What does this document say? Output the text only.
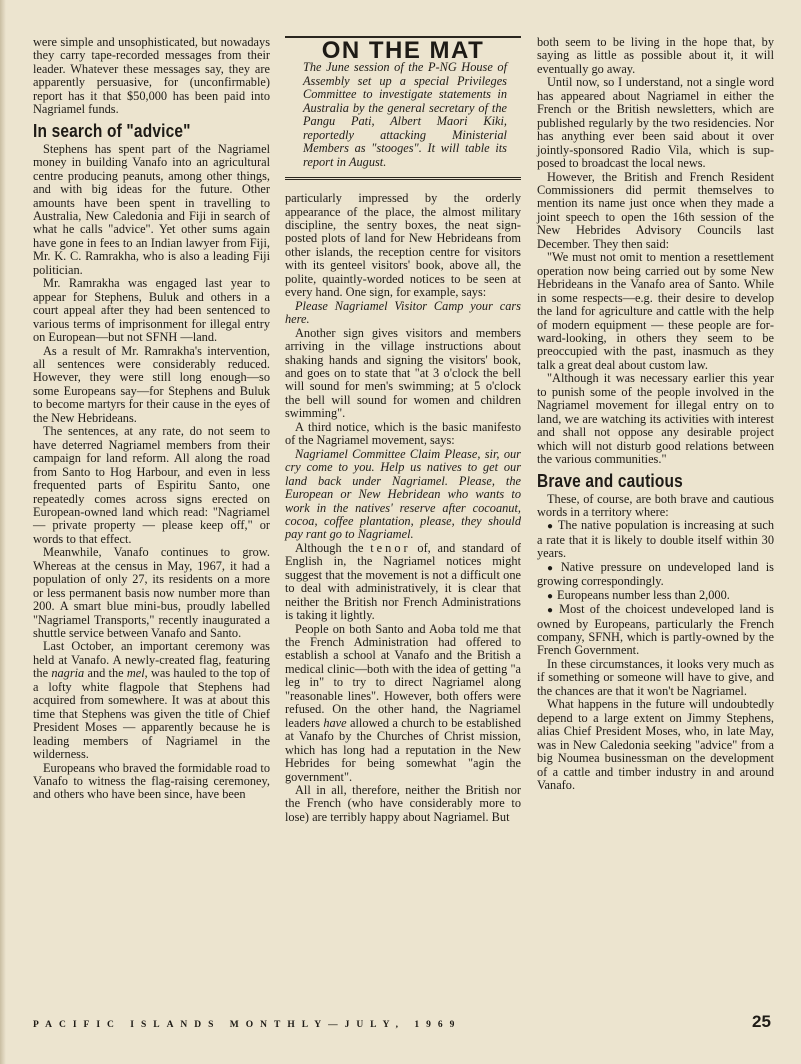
were simple and unsophisticated, but nowadays they carry tape-recorded messages from their leader. Whatever these messages say, they are apparently persuasive, for (unconfirmable) report has it that $50,000 has been paid into Nagriamel funds.

In search of "advice"

Stephens has spent part of the Nagriamel money in building Vanafo into an agricultural centre producing peanuts, among other things, and with big ideas for the future. Other amounts have been spent in travelling to Australia, New Caledonia and Fiji in search of what he calls "advice". Yet other sums again have gone in fees to an Indian lawyer from Fiji, Mr. K. C. Ramrakha, who is also a leading Fiji politician.

Mr. Ramrakha was engaged last year to appear for Stephens, Buluk and others in a court appeal after they had been sentenced to various terms of imprisonment for illegal entry on European—but not SFNH —land.

As a result of Mr. Ramrakha's intervention, all sentences were considerably reduced. However, they were still long enough—so some Europeans say—for Stephens and Buluk to become martyrs for their cause in the eyes of the New Hebrideans.

The sentences, at any rate, do not seem to have deterred Nagriamel members from their campaign for land reform. All along the road from Santo to Hog Harbour, and even in less frequented parts of Espiritu Santo, one repeatedly comes across signs erected on European-owned land which read: "Nagriamel — private property — please keep off," or words to that effect.

Meanwhile, Vanafo continues to grow. Whereas at the census in May, 1967, it had a population of only 27, its residents on a more or less permanent basis now number more than 200. A smart blue mini-bus, proudly labelled "Nagriamel Transports," recently inaugurated a shuttle service between Vanafo and Santo.

Last October, an important ceremony was held at Vanafo. A newly-created flag, featuring the nagria and the mel, was hauled to the top of a lofty white flagpole that Stephens had acquired from somewhere. It was at about this time that Stephens was given the title of Chief President Moses — apparently because he is leading members of Nagriamel in the wilderness.

Europeans who braved the formidable road to Vanafo to witness the flag-raising ceremoney, and others who have been since, have been

ON THE MAT
The June session of the P-NG House of Assembly set up a special Privileges Committee to investigate statements in Australia by the general secretary of the Pangu Pati, Albert Maori Kiki, reportedly attacking Ministerial Members as "stooges". It will table its report in August.

particularly impressed by the orderly appearance of the place, the almost military discipline, the sentry boxes, the neat sign-posted plots of land for New Hebrideans from other islands, the reception centre for visitors with its genteel visitors' book, above all, the polite, quaintly-worded notices to be seen at every hand. One sign, for example, says:

Please Nagriamel Visitor Camp your cars here.

Another sign gives visitors and members arriving in the village instructions about shaking hands and signing the visitors' book, and goes on to state that "at 3 o'clock the bell will sound for men's swimming; at 5 o'clock the bell will sound for women and children swimming".

A third notice, which is the basic manifesto of the Nagriamel movement, says:

Nagriamel Committee Claim Please, sir, our cry come to you. Help us natives to get our land back under Nagriamel. Please, the European or New Hebridean who wants to work in the natives' reserve after cocoanut, cocoa, coffee plantation, please, they should pay rant go to Nagriamel.

Although the tenor of, and standard of English in, the Nagriamel notices might suggest that the movement is not a difficult one to deal with administratively, it is clear that neither the British nor French Administrations is taking it lightly.

People on both Santo and Aoba told me that the French Administration had offered to establish a school at Vanafo and the British a medical clinic—both with the idea of getting "a leg in" to try to direct Nagriamel along "reasonable lines". However, both offers were refused. On the other hand, the Nagriamel leaders have allowed a church to be established at Vanafo by the Churches of Christ mission, which has long had a reputation in the New Hebrides for being somewhat "agin the government".

All in all, therefore, neither the British nor the French (who have considerably more to lose) are terribly happy about Nagriamel. But

both seem to be living in the hope that, by saying as little as possible about it, it will eventually go away.

Until now, so I understand, not a single word has appeared about Nagriamel in either the French or the British newsletters, which are published regularly by the two residencies. Nor has anything ever been said about it over jointly-sponsored Radio Vila, which is supposed to broadcast the local news.

However, the British and French Resident Commissioners did permit themselves to mention its name just once when they made a joint speech to open the 16th session of the New Hebrides Advisory Councils last December. They then said:

"We must not omit to mention a resettlement operation now being carried out by some New Hebrideans in the Vanafo area of Santo. While in some respects—e.g. their desire to develop the land for agriculture and cattle with the help of modern equipment — these people are forward-looking, in others they seem to be preoccupied with the past, inasmuch as they talk a great deal about custom law.

"Although it was necessary earlier this year to punish some of the people involved in the Nagriamel movement for illegal entry on to land, we are watching its activities with interest and shall not oppose any desirable project which will not disturb good relations between the various communities."

Brave and cautious

These, of course, are both brave and cautious words in a territory where:

● The native population is increasing at such a rate that it is likely to double itself within 30 years.

● Native pressure on undeveloped land is growing correspondingly.

● Europeans number less than 2,000.

● Most of the choicest undeveloped land is owned by Europeans, particularly the French company, SFNH, which is partly-owned by the French Government.

In these circumstances, it looks very much as if something or someone will have to give, and the chances are that it won't be Nagriamel.

What happens in the future will undoubtedly depend to a large extent on Jimmy Stephens, alias Chief President Moses, who, in late May, was in New Caledonia seeking "advice" from a big Noumea businessman on the development of a cattle and timber industry in and around Vanafo.

PACIFIC ISLANDS MONTHLY—JULY, 1969	25
